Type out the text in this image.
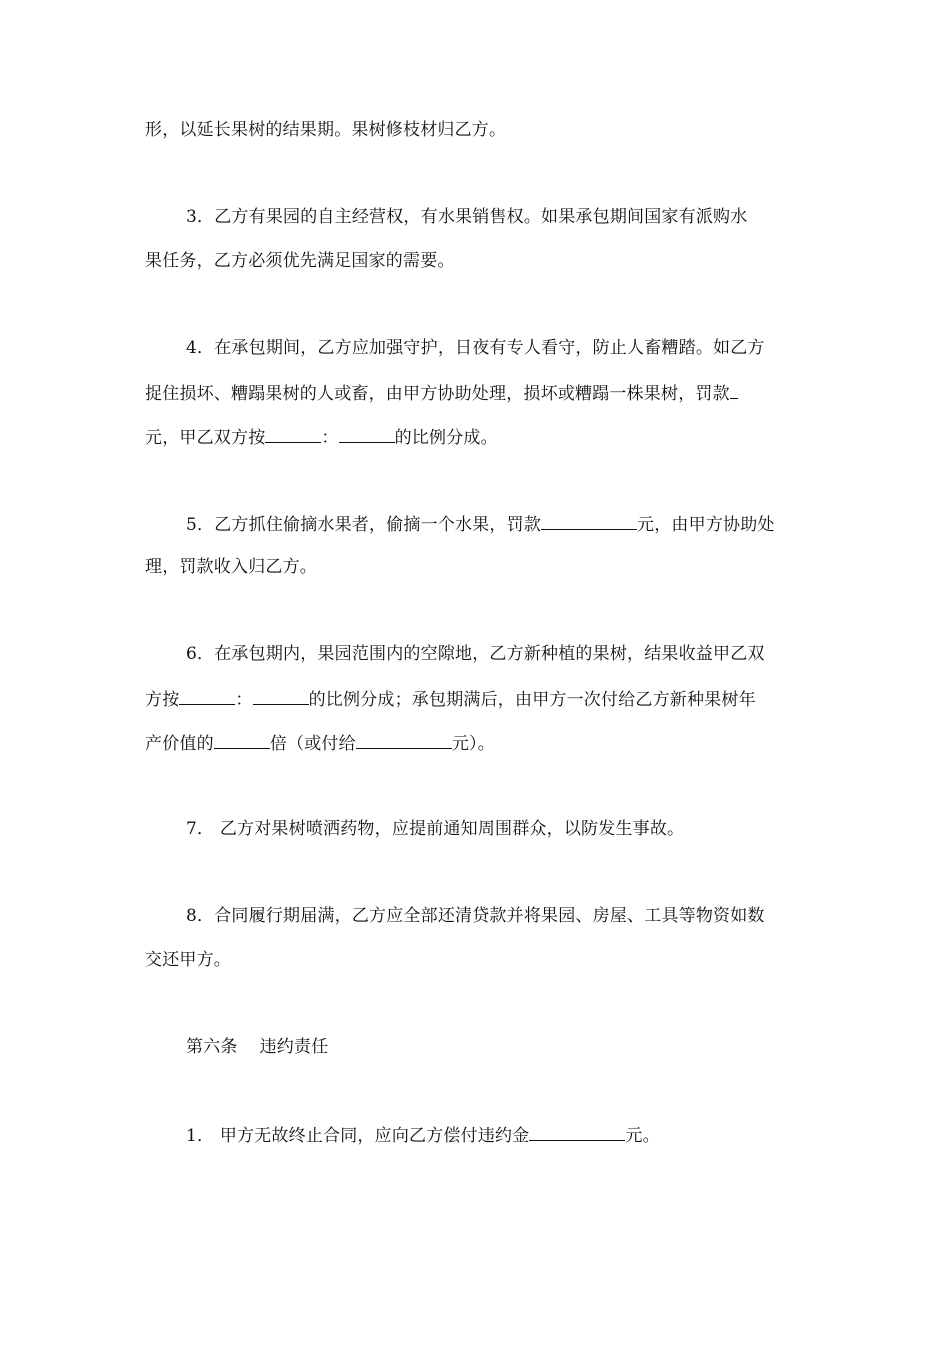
形，以延长果树的结果期。果树修枝材归乙方。
3．乙方有果园的自主经营权，有水果销售权。如果承包期间国家有派购水
果任务，乙方必须优先满足国家的需要。
4．在承包期间，乙方应加强守护，日夜有专人看守，防止人畜糟踏。如乙方
捉住损坏、糟蹋果树的人或畜，由甲方协助处理，损坏或糟蹋一株果树，罚款
元，甲乙双方按	：	的比例分成。
5．乙方抓住偷摘水果者，偷摘一个水果，罚款	元，由甲方协助处
理，罚款收入归乙方。
6．在承包期内，果园范围内的空隙地，乙方新种植的果树，结果收益甲乙双
方按	：	的比例分成；承包期满后，由甲方一次付给乙方新种果树年
产价值的	倍（或付给	元）。
7． 乙方对果树喷洒药物，应提前通知周围群众，以防发生事故。
8．合同履行期届满，乙方应全部还清贷款并将果园、房屋、工具等物资如数
交还甲方。
第六条 违约责任
1． 甲方无故终止合同，应向乙方偿付违约金	元。
